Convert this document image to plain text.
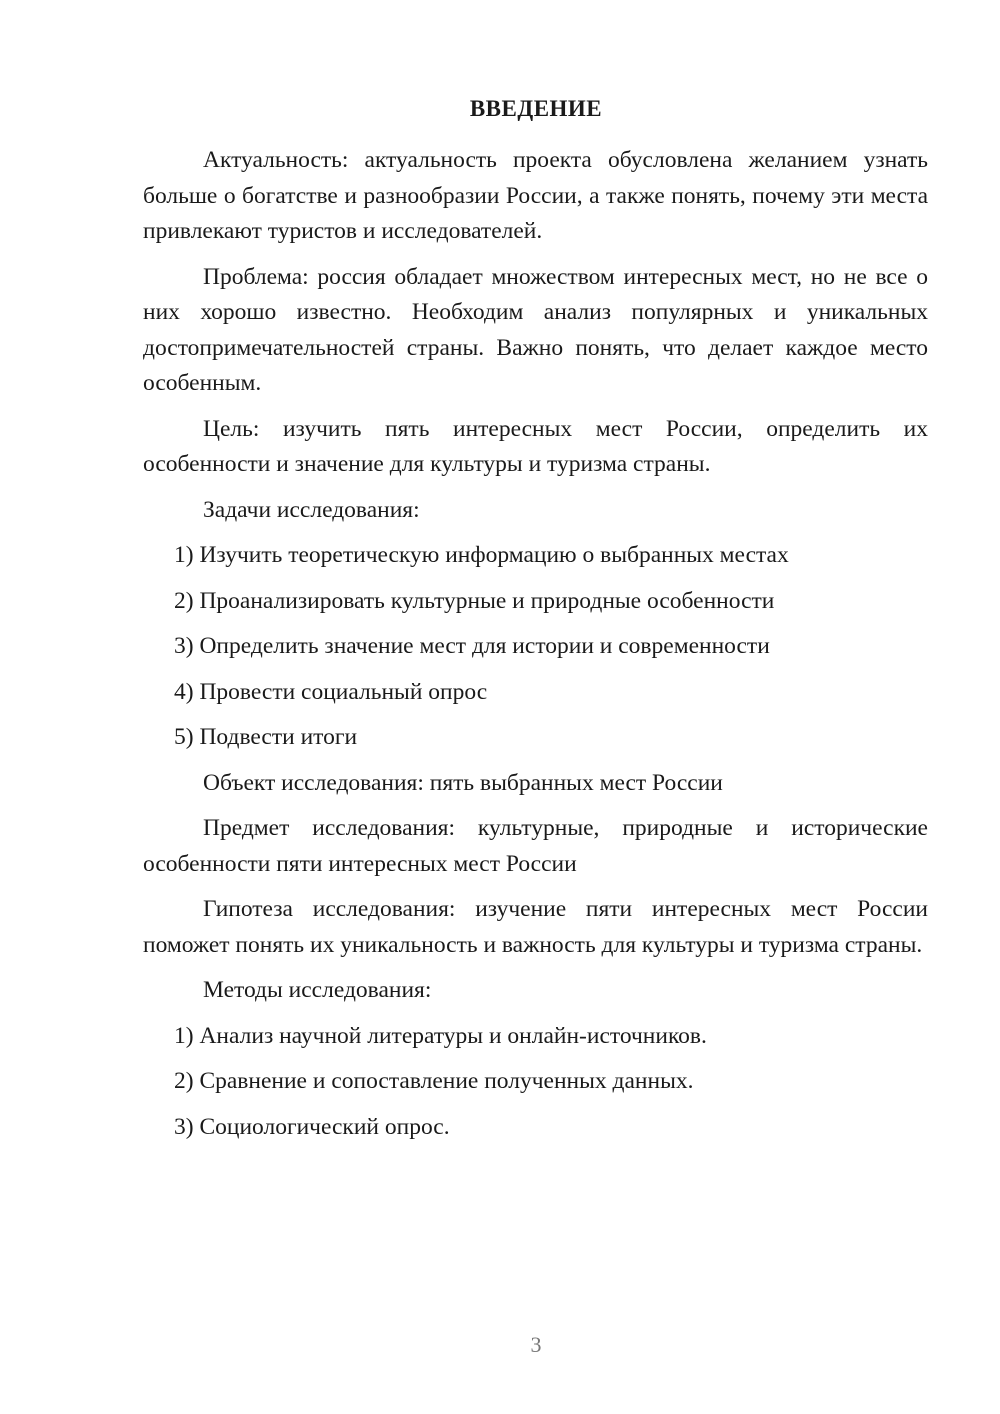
ВВЕДЕНИЕ

Актуальность: актуальность проекта обусловлена желанием узнать больше о богатстве и разнообразии России, а также понять, почему эти места привлекают туристов и исследователей.

Проблема: россия обладает множеством интересных мест, но не все о них хорошо известно. Необходим анализ популярных и уникальных достопримечательностей страны. Важно понять, что делает каждое место особенным.

Цель: изучить пять интересных мест России, определить их особенности и значение для культуры и туризма страны.

Задачи исследования:

1) Изучить теоретическую информацию о выбранных местах

2) Проанализировать культурные и природные особенности

3) Определить значение мест для истории и современности

4) Провести социальный опрос

5) Подвести итоги

Объект исследования: пять выбранных мест России

Предмет исследования: культурные, природные и исторические особенности пяти интересных мест России

Гипотеза исследования: изучение пяти интересных мест России поможет понять их уникальность и важность для культуры и туризма страны.

Методы исследования:

1) Анализ научной литературы и онлайн-источников.

2) Сравнение и сопоставление полученных данных.

3) Социологический опрос.

3
